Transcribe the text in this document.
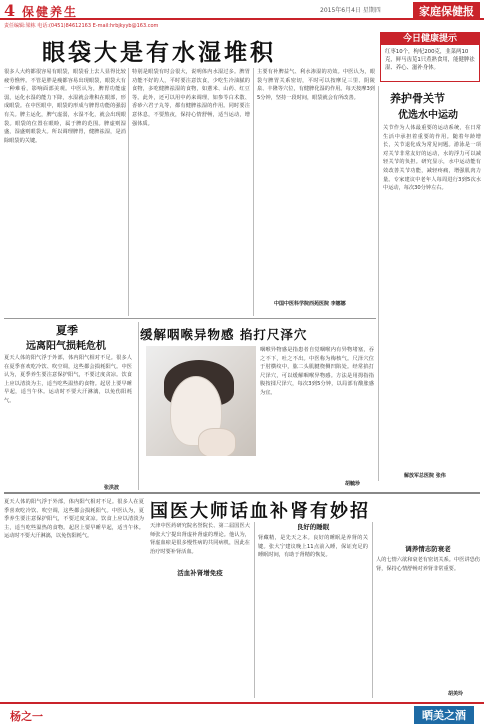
4 保健养生	2015年6月4日 星期四	家庭保健报
责任编辑:梁栋 电话:(0451)84612163 E-mail:hrbjkyyb@163.com
眼袋大是有水湿堆积	今日健康提示
红枣10个，枸杞200克，韭菜两10克，鲜马齿苋1只煮熟食用，能健脾祛湿、养心、滋补身体。
很多人大约都很容易有眼袋，眼袋看上去人显得比较疲劳憔悴。不管是胖是瘦都容易出现眼袋，眼袋大有一种难看，影响面部美观。中医认为，脾胃功能虚弱，运化水湿的能力下降，水湿就会堆积在眼部，形成眼袋。在中医眼中，眼袋的形成与脾胃功能的强弱有关。脾主运化，脾气虚弱，水湿不化，就会出现眼袋。眼袋的位置在眼睑，属于脾的范围。脾虚则湿盛，湿盛则眼袋大。所以调理脾胃，健脾祛湿，是消除眼袋的关键。
特别是眼袋有时会很大，说明体内水湿过多。脾胃功能不好的人，平时要注意饮食，少吃生冷油腻的食物，多吃健脾祛湿的食物，如薏米、山药、红豆等。此外，还可以用中药来调理，如参苓白术散、香砂六君子丸等，都有健脾祛湿的作用。同时要注意休息，不要熬夜，保持心情舒畅，适当运动，增强体质。
主要有补脾益气、利水渗湿的功效。中医认为，眼袋与脾胃关系密切，平时可以按摩足三里、阴陵泉、丰隆等穴位，有健脾化湿的作用。每天按摩3到5分钟，坚持一段时间，眼袋就会有所改善。
中国中医科学院西苑医院 李娜娜
养护骨关节
优选水中运动
关节作为人体最重要的运动系统，在日常生活中承担着重要的作用。随着年龄增长，关节退化成为常见问题。游泳是一项对关节非常友好的运动，水的浮力可以减轻关节的负担。研究显示，水中运动能有效改善关节功能，减轻疼痛，增强肌肉力量。专家建议中老年人每周进行3到5次水中运动，每次30分钟左右。
解放军总医院 张伟
夏季
远离阳气损耗危机
夏天人体的阳气浮于外部，体内阳气相对不足。很多人在夏季喜欢吃冷饮、吹空调，这些都会损耗阳气。中医认为，夏季养生要注意保护阳气，不要过度贪凉。饮食上应以清淡为主，适当吃些温热的食物。起居上要早睡早起，适当午休。运动时不要大汗淋漓，以免伤阳耗气。
张洪波
缓解咽喉异物感 掐打尺泽穴
咽喉异物感是指患者自觉咽喉内有异物堵塞，吞之不下，吐之不出。中医称为梅核气。尺泽穴位于肘横纹中，肱二头肌腱桡侧凹陷处。经常掐打尺泽穴，可以缓解咽喉异物感。方法是用拇指指腹按揉尺泽穴，每次3到5分钟，以局部有酸胀感为宜。
胡毓珍
国医大师话血补肾有妙招
天津中医药研究院名誉院长、第二届国医大师张大宁提出肾虚补肾虚的理论。他认为，肾虚血瘀是很多慢性病的共同病机，因此在治疗时要补肾活血。
活血补肾增免疫
良好的睡眠
肾藏精，是先天之本。良好的睡眠是养肾的关键。张大宁建议晚上11点前入睡，保证充足的睡眠时间，有助于肾精的恢复。
调养情志防衰老
人的七情六欲和衰老有密切关系。中医讲恐伤肾，保持心情舒畅对养肾非常重要。
胡美玲
夏天人体的阳气浮于外部，体内阳气相对不足。很多人在夏季喜欢吃冷饮、吹空调，这些都会损耗阳气。中医认为，夏季养生要注意保护阳气，不要过度贪凉。饮食上应以清淡为主，适当吃些温热的食物。起居上要早睡早起，适当午休。运动时不要大汗淋漓，以免伤阳耗气。
杨之一	晒美之酒
